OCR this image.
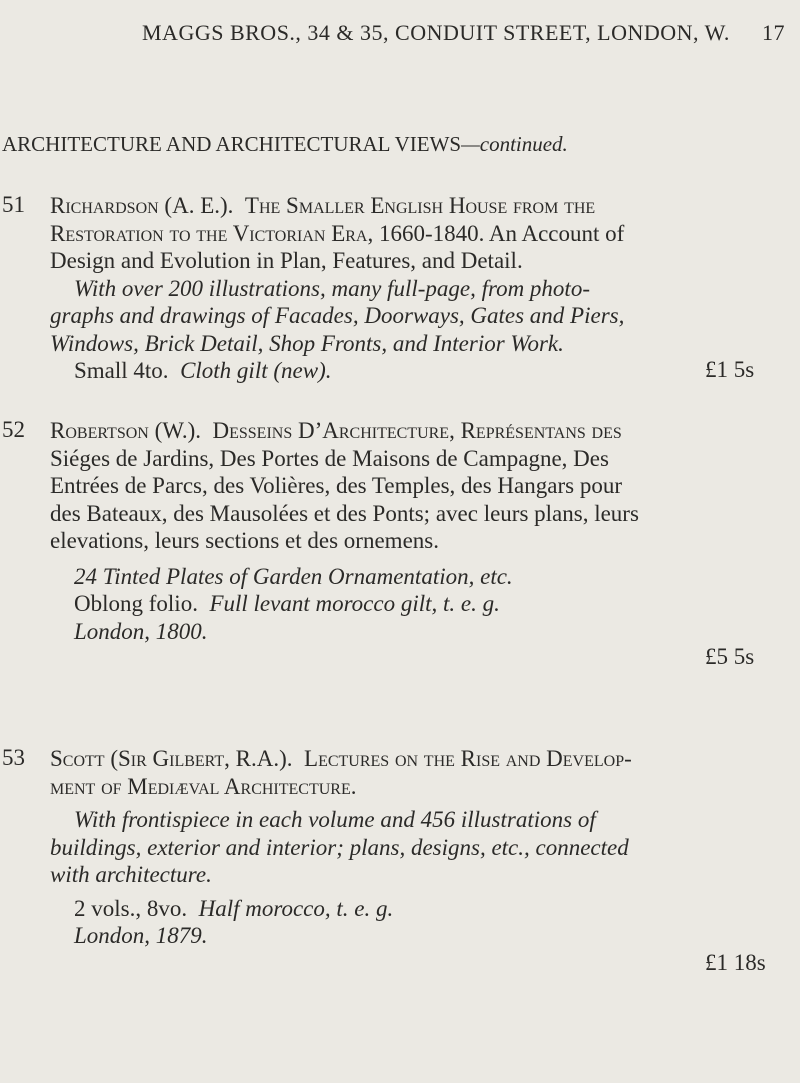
MAGGS BROS., 34 & 35, CONDUIT STREET, LONDON, W. 17
ARCHITECTURE AND ARCHITECTURAL VIEWS—continued.
51 Richardson (A. E.). The Smaller English House from the

Restoration to the Victorian Era, 1660-1840. An Account of

Design and Evolution in Plan, Features, and Detail.

With over 200 illustrations, many full-page, from photo-

graphs and drawings of Facades, Doorways, Gates and Piers,

Windows, Brick Detail, Shop Fronts, and Interior Work.

Small 4to. Cloth gilt (new).	£1 5s
52 Robertson (W.). Desseins D’Architecture, Représentans des

Siéges de Jardins, Des Portes de Maisons de Campagne, Des

Entrées de Parcs, des Volières, des Temples, des Hangars pour

des Bateaux, des Mausolées et des Ponts; avec leurs plans, leurs

elevations, leurs sections et des ornemens.

24 Tinted Plates of Garden Ornamentation, etc.

Oblong folio. Full levant morocco gilt, t. e. g.

London, 1800.

£5 5s
53 Scott (Sir Gilbert, R.A.). Lectures on the Rise and Develop-

ment of Mediæval Architecture.

With frontispiece in each volume and 456 illustrations of

buildings, exterior and interior; plans, designs, etc., connected

with architecture.

2 vols., 8vo. Half morocco, t. e. g.

London, 1879.

£1 18s
